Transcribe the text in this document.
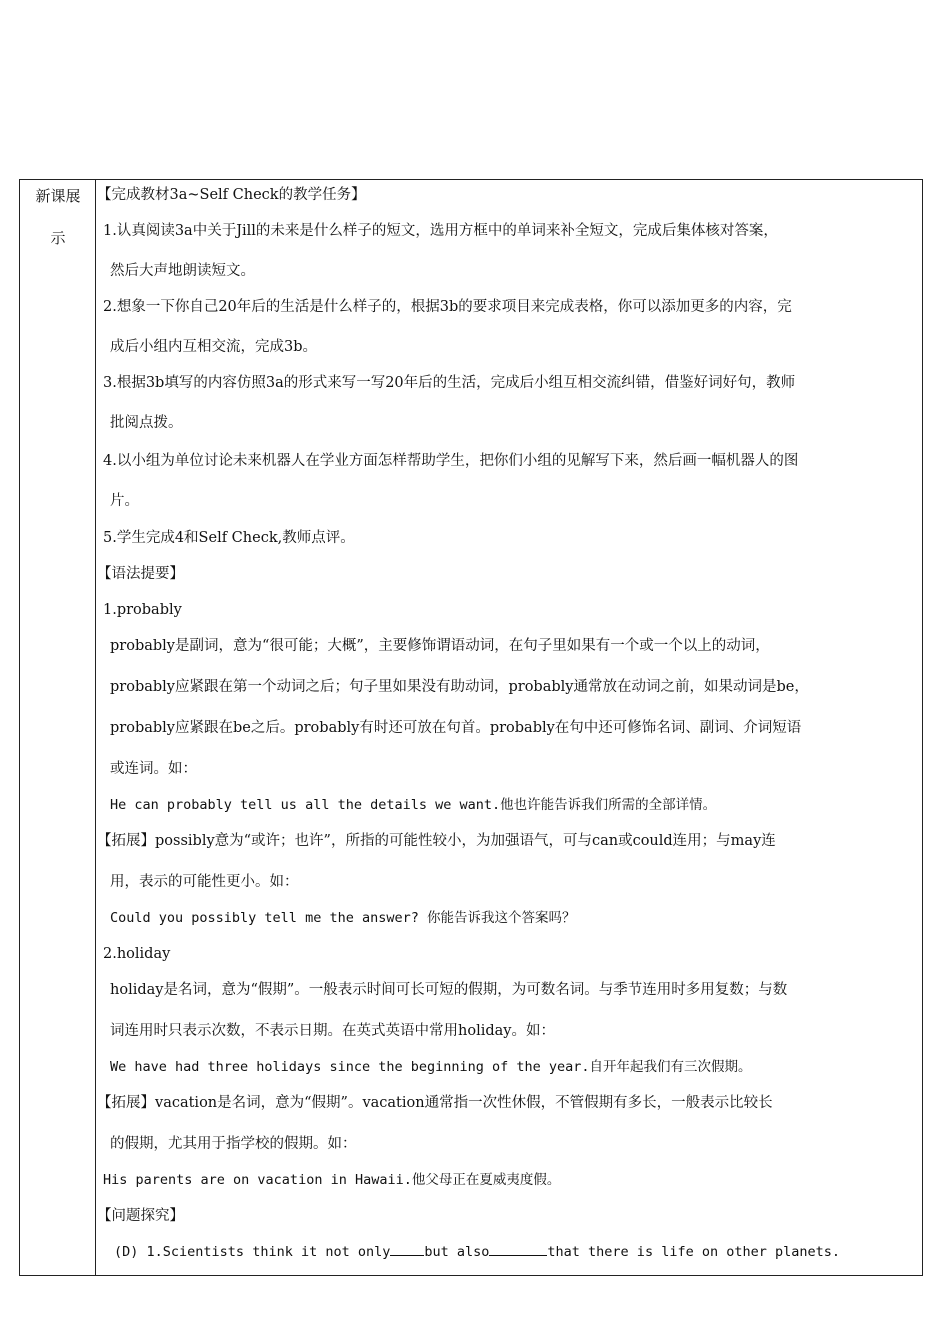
新课展
示
【完成教材3a~Self Check的教学任务】
1.认真阅读3a中关于Jill的未来是什么样子的短文，选用方框中的单词来补全短文，完成后集体核对答案，
然后大声地朗读短文。
2.想象一下你自己20年后的生活是什么样子的，根据3b的要求项目来完成表格，你可以添加更多的内容，完
成后小组内互相交流，完成3b。
3.根据3b填写的内容仿照3a的形式来写一写20年后的生活，完成后小组互相交流纠错，借鉴好词好句，教师
批阅点拨。
4.以小组为单位讨论未来机器人在学业方面怎样帮助学生，把你们小组的见解写下来，然后画一幅机器人的图
片。
5.学生完成4和Self Check,教师点评。
【语法提要】
1.probably
probably是副词，意为“很可能；大概”，主要修饰谓语动词，在句子里如果有一个或一个以上的动词，
probably应紧跟在第一个动词之后；句子里如果没有助动词，probably通常放在动词之前，如果动词是be，
probably应紧跟在be之后。probably有时还可放在句首。probably在句中还可修饰名词、副词、介词短语
或连词。如：
He can probably tell us all the details we want.他也许能告诉我们所需的全部详情。
【拓展】possibly意为“或许；也许”，所指的可能性较小，为加强语气，可与can或could连用；与may连
用，表示的可能性更小。如：
Could you possibly tell me the answer? 你能告诉我这个答案吗？
2.holiday
holiday是名词，意为“假期”。一般表示时间可长可短的假期，为可数名词。与季节连用时多用复数；与数
词连用时只表示次数，不表示日期。在英式英语中常用holiday。如：
We have had three holidays since the beginning of the year.自开年起我们有三次假期。
【拓展】vacation是名词，意为“假期”。vacation通常指一次性休假，不管假期有多长，一般表示比较长
的假期，尤其用于指学校的假期。如：
His parents are on vacation in Hawaii.他父母正在夏威夷度假。
【问题探究】
(D) 1.Scientists think it not only	but also	that there is life on other planets.
